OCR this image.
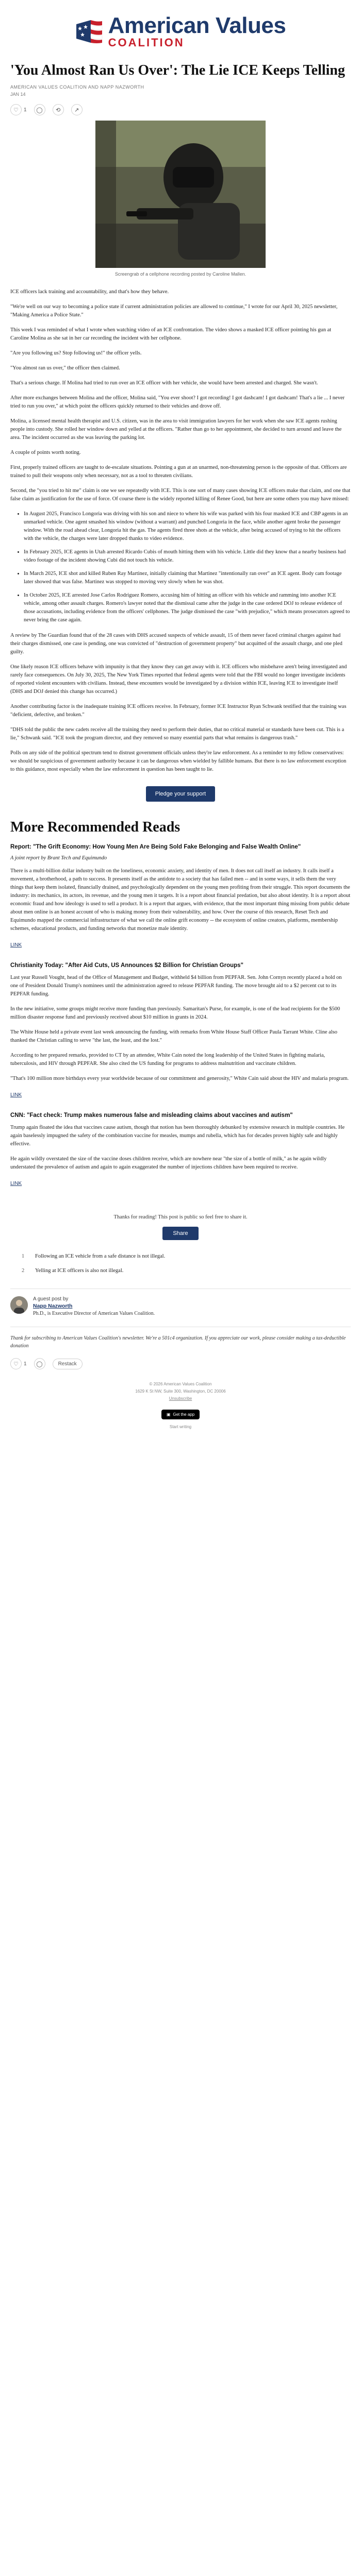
American Values
COALITION
'You Almost Ran Us Over': The Lie ICE Keeps Telling
AMERICAN VALUES COALITION AND NAPP NAZWORTH
JAN 14
♡ 1 ◯ ⟲ ↗
Screengrab of a cellphone recording posted by Caroline Mallen.

ICE officers lack training and accountability, and that's how they behave.

"We're well on our way to becoming a police state if current administration policies are allowed to continue," I wrote for our April 30, 2025 newsletter, "Making America a Police State."

This week I was reminded of what I wrote when watching video of an ICE confrontation. The video shows a masked ICE officer pointing his gun at Caroline Molina as she sat in her car recording the incident with her cellphone.

"Are you following us? Stop following us!" the officer yells.

"You almost ran us over," the officer then claimed.

That's a serious charge. If Molina had tried to run over an ICE officer with her vehicle, she would have been arrested and charged. She wasn't.

After more exchanges between Molina and the officer, Molina said, "You ever shoot? I got recording! I got dashcam! I got dashcam! That's a lie ... I never tried to run you over," at which point the officers quickly returned to their vehicles and drove off.

Molina, a licensed mental health therapist and U.S. citizen, was in the area to visit immigration lawyers for her work when she saw ICE agents rushing people into custody. She rolled her window down and yelled at the officers. "Rather than go to her appointment, she decided to turn around and leave the area. The incident occurred as she was leaving the parking lot.

A couple of points worth noting.

First, properly trained officers are taught to de-escalate situations. Pointing a gun at an unarmed, non-threatening person is the opposite of that. Officers are trained to pull their weapons only when necessary, not as a tool to threaten civilians.

Second, the "you tried to hit me" claim is one we see repeatedly with ICE. This is one sort of many cases showing ICE officers make that claim, and one that false claim as justification for the use of force. Of course there is the widely reported killing of Renee Good, but here are some others you may have missed:

• In August 2025, Francisco Longoria was driving with his son and niece to where his wife was parked with his four masked ICE and CBP agents in an unmarked vehicle. One agent smashed his window (without a warrant) and punched Longoria in the face, while another agent broke the passenger window. With the road ahead clear, Longoria hit the gas. The agents fired three shots at the vehicle, after being accused of trying to hit the officers with the vehicle, the charges were later dropped thanks to video evidence.
• In February 2025, ICE agents in Utah arrested Ricardo Cubis of mouth hitting them with his vehicle. Little did they know that a nearby business had video footage of the incident showing Cubi did not touch his vehicle.
• In March 2025, ICE shot and killed Ruben Ray Martinez, initially claiming that Martinez "intentionally ran over" an ICE agent. Body cam footage later showed that was false. Martinez was stopped to moving very slowly when he was shot.
• In October 2025, ICE arrested Jose Carlos Rodriguez Romero, accusing him of hitting an officer with his vehicle and ramming into another ICE vehicle, among other assault charges. Romero's lawyer noted that the dismissal came after the judge in the case ordered DOJ to release evidence of those accusations, including evidence from the officers' cellphones. The judge dismissed the case "with prejudice," which means prosecutors agreed to never bring the case again.

A review by The Guardian found that of the 28 cases with DHS accused suspects of vehicle assault, 15 of them never faced criminal charges against had their charges dismissed, one case is pending, one was convicted of "destruction of government property" but acquitted of the assault charge, and one pled guilty.

One likely reason ICE officers behave with impunity is that they know they can get away with it. ICE officers who misbehave aren't being investigated and rarely face consequences. On July 30, 2025, The New York Times reported that federal agents were told that the FBI would no longer investigate incidents of reported violent encounters with civilians. Instead, these encounters would be investigated by a division within ICE, leaving ICE to investigate itself (DHS and DOJ denied this change has occurred.)

Another contributing factor is the inadequate training ICE officers receive. In February, former ICE Instructor Ryan Schwank testified that the training was "deficient, defective, and broken."

"DHS told the public the new cadets receive all the training they need to perform their duties, that no critical material or standards have been cut. This is a lie," Schwank said. "ICE took the program director, and they removed so many essential parts that what remains is dangerous trash."

Polls on any side of the political spectrum tend to distrust government officials unless they're law enforcement. As a reminder to my fellow conservatives: we should be suspicious of government authority because it can be dangerous when wielded by fallible humans. But there is no law enforcement exception to this guidance, most especially when the law enforcement in question has been taught to lie.

Pledge your support
More Recommended Reads
Report: "The Grift Economy: How Young Men Are Being Sold Fake Belonging and False Wealth Online"
A joint report by Brant Tech and Equimundo

There is a multi-billion dollar industry built on the loneliness, economic anxiety, and identity of men. It does not call itself an industry. It calls itself a movement, a brotherhood, a path to success. It presents itself as the antidote to a society that has failed men -- and in some ways, it sells them the very things that keep them isolated, financially drained, and psychologically dependent on the young men profiting from their struggle. This report documents the industry: its mechanics, its actors, its revenue, and the young men it targets. It is a report about financial predation, but also about identity. It is a report about economic fraud and how ideology is used to sell a product. It is a report that argues, with evidence, that the most important thing missing from public debate about men online is an honest account of who is making money from their vulnerability, and how. Over the course of this research, Reset Tech and Equimundo mapped the commercial infrastructure of what we call the online grift economy -- the ecosystem of online creators, platforms, membership schemes, educational products, and funding networks that monetize male identity.

LINK
Christianity Today: "After Aid Cuts, US Announces $2 Billion for Christian Groups"

Last year Russell Vought, head of the Office of Management and Budget, withheld $4 billion from PEPFAR. Sen. John Cornyn recently placed a hold on one of President Donald Trump's nominees until the administration agreed to release PEPFAR funding. The move brought aid to a $2 percent cut to its PEPFAR funding.

In the new initiative, some groups might receive more funding than previously. Samaritan's Purse, for example, is one of the lead recipients for the $500 million disaster response fund and previously received about $10 million in grants in 2024.

The White House held a private event last week announcing the funding, with remarks from White House Staff Officer Paula Tarrant White. Cline also thanked the Christian calling to serve "the last, the least, and the lost."

According to her prepared remarks, provided to CT by an attendee, White Cain noted the long leadership of the United States in fighting malaria, tuberculosis, and HIV through PEPFAR. She also cited the US funding for programs to address malnutrition and vaccinate children.

"That's 100 million more birthdays every year worldwide because of our commitment and generosity," White Cain said about the HIV and malaria program.

LINK
CNN: "Fact check: Trump makes numerous false and misleading claims about vaccines and autism"

Trump again floated the idea that vaccines cause autism, though that notion has been thoroughly debunked by extensive research in multiple countries. He again baselessly impugned the safety of the combination vaccine for measles, mumps and rubella, which has for decades proven highly safe and highly effective.

He again wildly overstated the size of the vaccine doses children receive, which are nowhere near "the size of a bottle of milk," as he again wildly understated the prevalence of autism and again to again exaggerated the number of injections children have been required to receive.

LINK
Thanks for reading! This post is public so feel free to share it.
Share
1	Following an ICE vehicle from a safe distance is not illegal.
2	Yelling at ICE officers is also not illegal.
A guest post by
Napp Nazworth
Ph.D., is Executive Director of American Values Coalition.
Thank for subscribing to American Values Coalition's newsletter. We're a 501c4 organization. If you appreciate our work, please consider making a tax-deductible donation
♡ 1 ◯	Restack
© 2026 American Values Coalition
1629 K St NW, Suite 300, Washington, DC 20006
Unsubscribe
▣ Get the app
Start writing
